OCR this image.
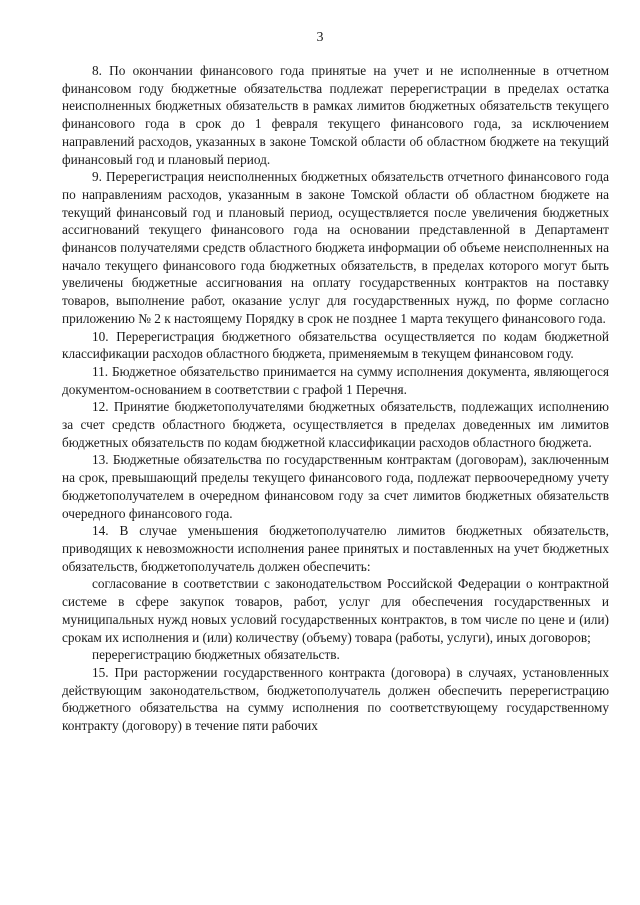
3

8. По окончании финансового года принятые на учет и не исполненные в отчетном финансовом году бюджетные обязательства подлежат перерегистрации в пределах остатка неисполненных бюджетных обязательств в рамках лимитов бюджетных обязательств текущего финансового года в срок до 1 февраля текущего финансового года, за исключением направлений расходов, указанных в законе Томской области об областном бюджете на текущий финансовый год и плановый период.

9. Перерегистрация неисполненных бюджетных обязательств отчетного финансового года по направлениям расходов, указанным в законе Томской области об областном бюджете на текущий финансовый год и плановый период, осуществляется после увеличения бюджетных ассигнований текущего финансового года на основании представленной в Департамент финансов получателями средств областного бюджета информации об объеме неисполненных на начало текущего финансового года бюджетных обязательств, в пределах которого могут быть увеличены бюджетные ассигнования на оплату государственных контрактов на поставку товаров, выполнение работ, оказание услуг для государственных нужд, по форме согласно приложению № 2 к настоящему Порядку в срок не позднее 1 марта текущего финансового года.

10. Перерегистрация бюджетного обязательства осуществляется по кодам бюджетной классификации расходов областного бюджета, применяемым в текущем финансовом году.

11. Бюджетное обязательство принимается на сумму исполнения документа, являющегося документом-основанием в соответствии с графой 1 Перечня.

12. Принятие бюджетополучателями бюджетных обязательств, подлежащих исполнению за счет средств областного бюджета, осуществляется в пределах доведенных им лимитов бюджетных обязательств по кодам бюджетной классификации расходов областного бюджета.

13. Бюджетные обязательства по государственным контрактам (договорам), заключенным на срок, превышающий пределы текущего финансового года, подлежат первоочередному учету бюджетополучателем в очередном финансовом году за счет лимитов бюджетных обязательств очередного финансового года.

14. В случае уменьшения бюджетополучателю лимитов бюджетных обязательств, приводящих к невозможности исполнения ранее принятых и поставленных на учет бюджетных обязательств, бюджетополучатель должен обеспечить:

согласование в соответствии с законодательством Российской Федерации о контрактной системе в сфере закупок товаров, работ, услуг для обеспечения государственных и муниципальных нужд новых условий государственных контрактов, в том числе по цене и (или) срокам их исполнения и (или) количеству (объему) товара (работы, услуги), иных договоров;

перерегистрацию бюджетных обязательств.

15. При расторжении государственного контракта (договора) в случаях, установленных действующим законодательством, бюджетополучатель должен обеспечить перерегистрацию бюджетного обязательства на сумму исполнения по соответствующему государственному контракту (договору) в течение пяти рабочих
